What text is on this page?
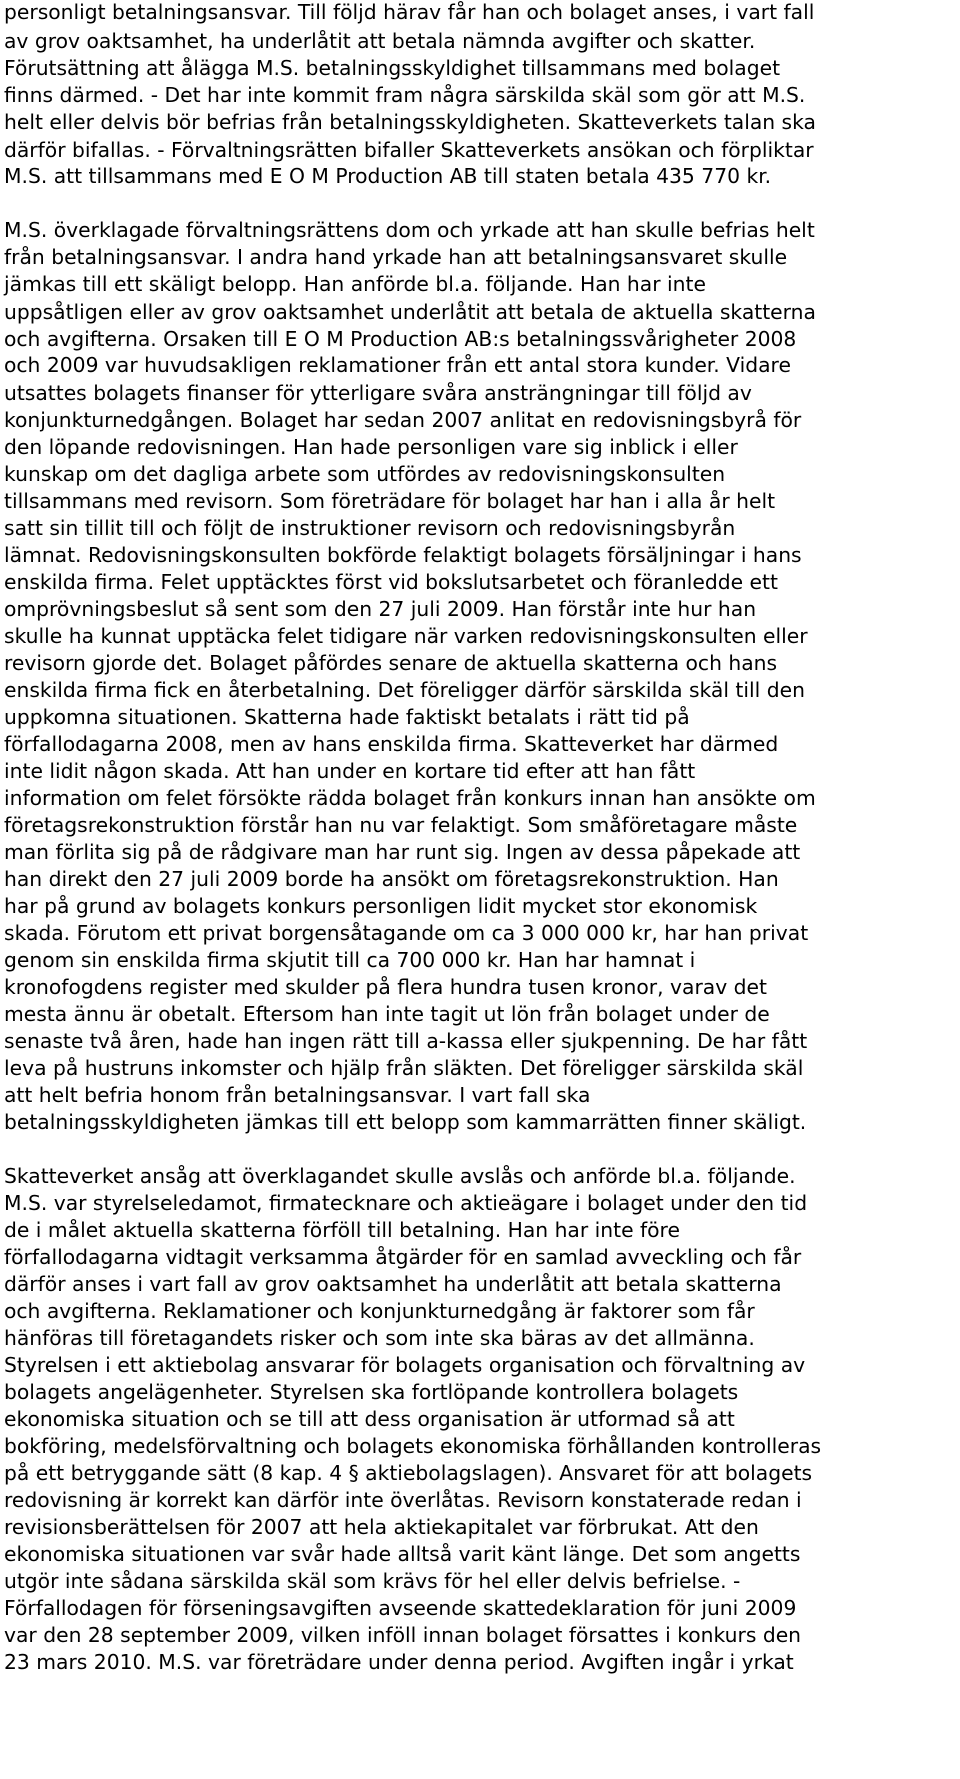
personligt betalningsansvar. Till följd härav får han och bolaget anses, i vart fall
av grov oaktsamhet, ha underlåtit att betala nämnda avgifter och skatter.
Förutsättning att ålägga M.S. betalningsskyldighet tillsammans med bolaget
finns därmed. - Det har inte kommit fram några särskilda skäl som gör att M.S.
helt eller delvis bör befrias från betalningsskyldigheten. Skatteverkets talan ska
därför bifallas. - Förvaltningsrätten bifaller Skatteverkets ansökan och förpliktar
M.S. att tillsammans med E O M Production AB till staten betala 435 770 kr.
M.S. överklagade förvaltningsrättens dom och yrkade att han skulle befrias helt
från betalningsansvar. I andra hand yrkade han att betalningsansvaret skulle
jämkas till ett skäligt belopp. Han anförde bl.a. följande. Han har inte
uppsåtligen eller av grov oaktsamhet underlåtit att betala de aktuella skatterna
och avgifterna. Orsaken till E O M Production AB:s betalningssvårigheter 2008
och 2009 var huvudsakligen reklamationer från ett antal stora kunder. Vidare
utsattes bolagets finanser för ytterligare svåra ansträngningar till följd av
konjunkturnedgången. Bolaget har sedan 2007 anlitat en redovisningsbyrå för
den löpande redovisningen. Han hade personligen vare sig inblick i eller
kunskap om det dagliga arbete som utfördes av redovisningskonsulten
tillsammans med revisorn. Som företrädare för bolaget har han i alla år helt
satt sin tillit till och följt de instruktioner revisorn och redovisningsbyrån
lämnat. Redovisningskonsulten bokförde felaktigt bolagets försäljningar i hans
enskilda firma. Felet upptäcktes först vid bokslutsarbetet och föranledde ett
omprövningsbeslut så sent som den 27 juli 2009. Han förstår inte hur han
skulle ha kunnat upptäcka felet tidigare när varken redovisningskonsulten eller
revisorn gjorde det. Bolaget påfördes senare de aktuella skatterna och hans
enskilda firma fick en återbetalning. Det föreligger därför särskilda skäl till den
uppkomna situationen. Skatterna hade faktiskt betalats i rätt tid på
förfallodagarna 2008, men av hans enskilda firma. Skatteverket har därmed
inte lidit någon skada. Att han under en kortare tid efter att han fått
information om felet försökte rädda bolaget från konkurs innan han ansökte om
företagsrekonstruktion förstår han nu var felaktigt. Som småföretagare måste
man förlita sig på de rådgivare man har runt sig. Ingen av dessa påpekade att
han direkt den 27 juli 2009 borde ha ansökt om företagsrekonstruktion. Han
har på grund av bolagets konkurs personligen lidit mycket stor ekonomisk
skada. Förutom ett privat borgensåtagande om ca 3 000 000 kr, har han privat
genom sin enskilda firma skjutit till ca 700 000 kr. Han har hamnat i
kronofogdens register med skulder på flera hundra tusen kronor, varav det
mesta ännu är obetalt. Eftersom han inte tagit ut lön från bolaget under de
senaste två åren, hade han ingen rätt till a-kassa eller sjukpenning. De har fått
leva på hustruns inkomster och hjälp från släkten. Det föreligger särskilda skäl
att helt befria honom från betalningsansvar. I vart fall ska
betalningsskyldigheten jämkas till ett belopp som kammarrätten finner skäligt.
Skatteverket ansåg att överklagandet skulle avslås och anförde bl.a. följande.
M.S. var styrelseledamot, firmatecknare och aktieägare i bolaget under den tid
de i målet aktuella skatterna förföll till betalning. Han har inte före
förfallodagarna vidtagit verksamma åtgärder för en samlad avveckling och får
därför anses i vart fall av grov oaktsamhet ha underlåtit att betala skatterna
och avgifterna. Reklamationer och konjunkturnedgång är faktorer som får
hänföras till företagandets risker och som inte ska bäras av det allmänna.
Styrelsen i ett aktiebolag ansvarar för bolagets organisation och förvaltning av
bolagets angelägenheter. Styrelsen ska fortlöpande kontrollera bolagets
ekonomiska situation och se till att dess organisation är utformad så att
bokföring, medelsförvaltning och bolagets ekonomiska förhållanden kontrolleras
på ett betryggande sätt (8 kap. 4 § aktiebolagslagen). Ansvaret för att bolagets
redovisning är korrekt kan därför inte överlåtas. Revisorn konstaterade redan i
revisionsberättelsen för 2007 att hela aktiekapitalet var förbrukat. Att den
ekonomiska situationen var svår hade alltså varit känt länge. Det som angetts
utgör inte sådana särskilda skäl som krävs för hel eller delvis befrielse. -
Förfallodagen för förseningsavgiften avseende skattedeklaration för juni 2009
var den 28 september 2009, vilken inföll innan bolaget försattes i konkurs den
23 mars 2010. M.S. var företrädare under denna period. Avgiften ingår i yrkat
